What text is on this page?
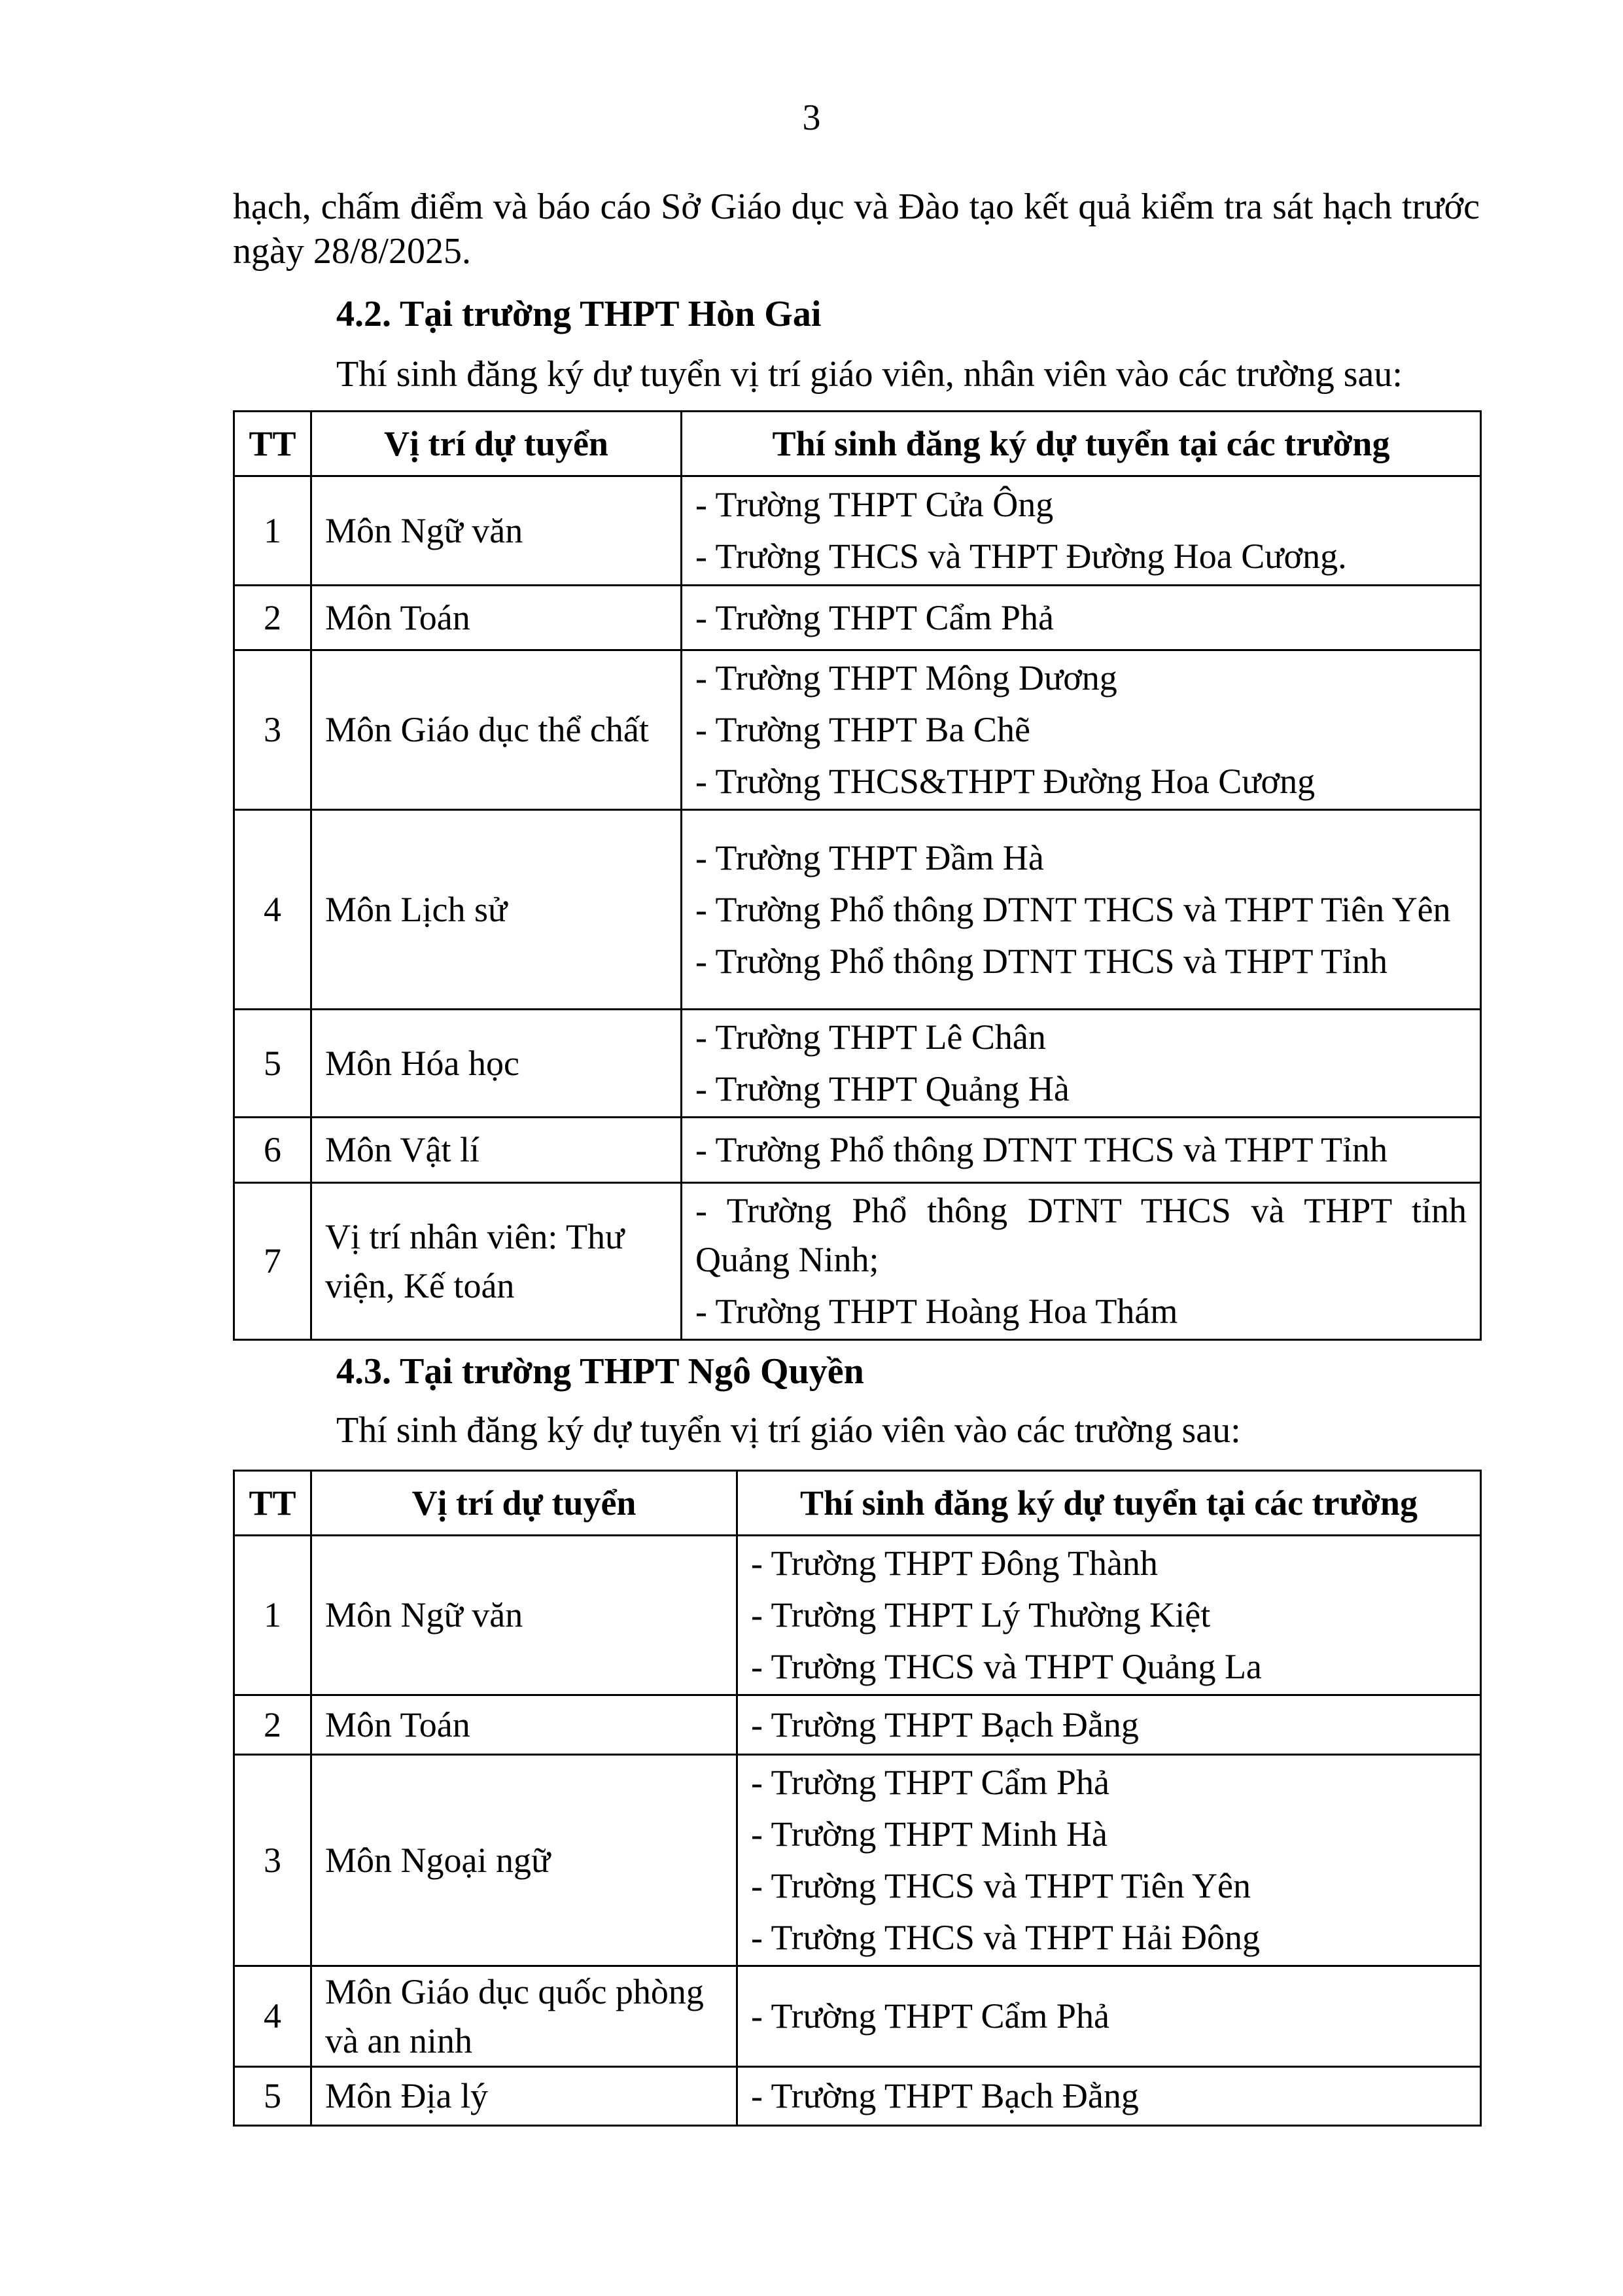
3
hạch, chấm điểm và báo cáo Sở Giáo dục và Đào tạo kết quả kiểm tra sát hạch trước ngày 28/8/2025.
4.2. Tại trường THPT Hòn Gai
Thí sinh đăng ký dự tuyển vị trí giáo viên, nhân viên vào các trường sau:
TT	Vị trí dự tuyển	Thí sinh đăng ký dự tuyển tại các trường
1	Môn Ngữ văn	- Trường THPT Cửa Ông
- Trường THCS và THPT Đường Hoa Cương.

2	Môn Toán	- Trường THPT Cẩm Phả

3	Môn Giáo dục thể chất	- Trường THPT Mông Dương
- Trường THPT Ba Chẽ
- Trường THCS&THPT Đường Hoa Cương

4	Môn Lịch sử	- Trường THPT Đầm Hà
- Trường Phổ thông DTNT THCS và THPT Tiên Yên
- Trường Phổ thông DTNT THCS và THPT Tỉnh

5	Môn Hóa học	- Trường THPT Lê Chân
- Trường THPT Quảng Hà

6	Môn Vật lí	- Trường Phổ thông DTNT THCS và THPT Tỉnh

7	Vị trí nhân viên: Thư viện, Kế toán	- Trường Phổ thông DTNT THCS và THPT tỉnh Quảng Ninh;
- Trường THPT Hoàng Hoa Thám
4.3. Tại trường THPT Ngô Quyền
Thí sinh đăng ký dự tuyển vị trí giáo viên vào các trường sau:
TT	Vị trí dự tuyển	Thí sinh đăng ký dự tuyển tại các trường
1	Môn Ngữ văn	- Trường THPT Đông Thành
- Trường THPT Lý Thường Kiệt
- Trường THCS và THPT Quảng La

2	Môn Toán	- Trường THPT Bạch Đằng

3	Môn Ngoại ngữ	- Trường THPT Cẩm Phả
- Trường THPT Minh Hà
- Trường THCS và THPT Tiên Yên
- Trường THCS và THPT Hải Đông

4	Môn Giáo dục quốc phòng và an ninh	- Trường THPT Cẩm Phả

5	Môn Địa lý	- Trường THPT Bạch Đằng
